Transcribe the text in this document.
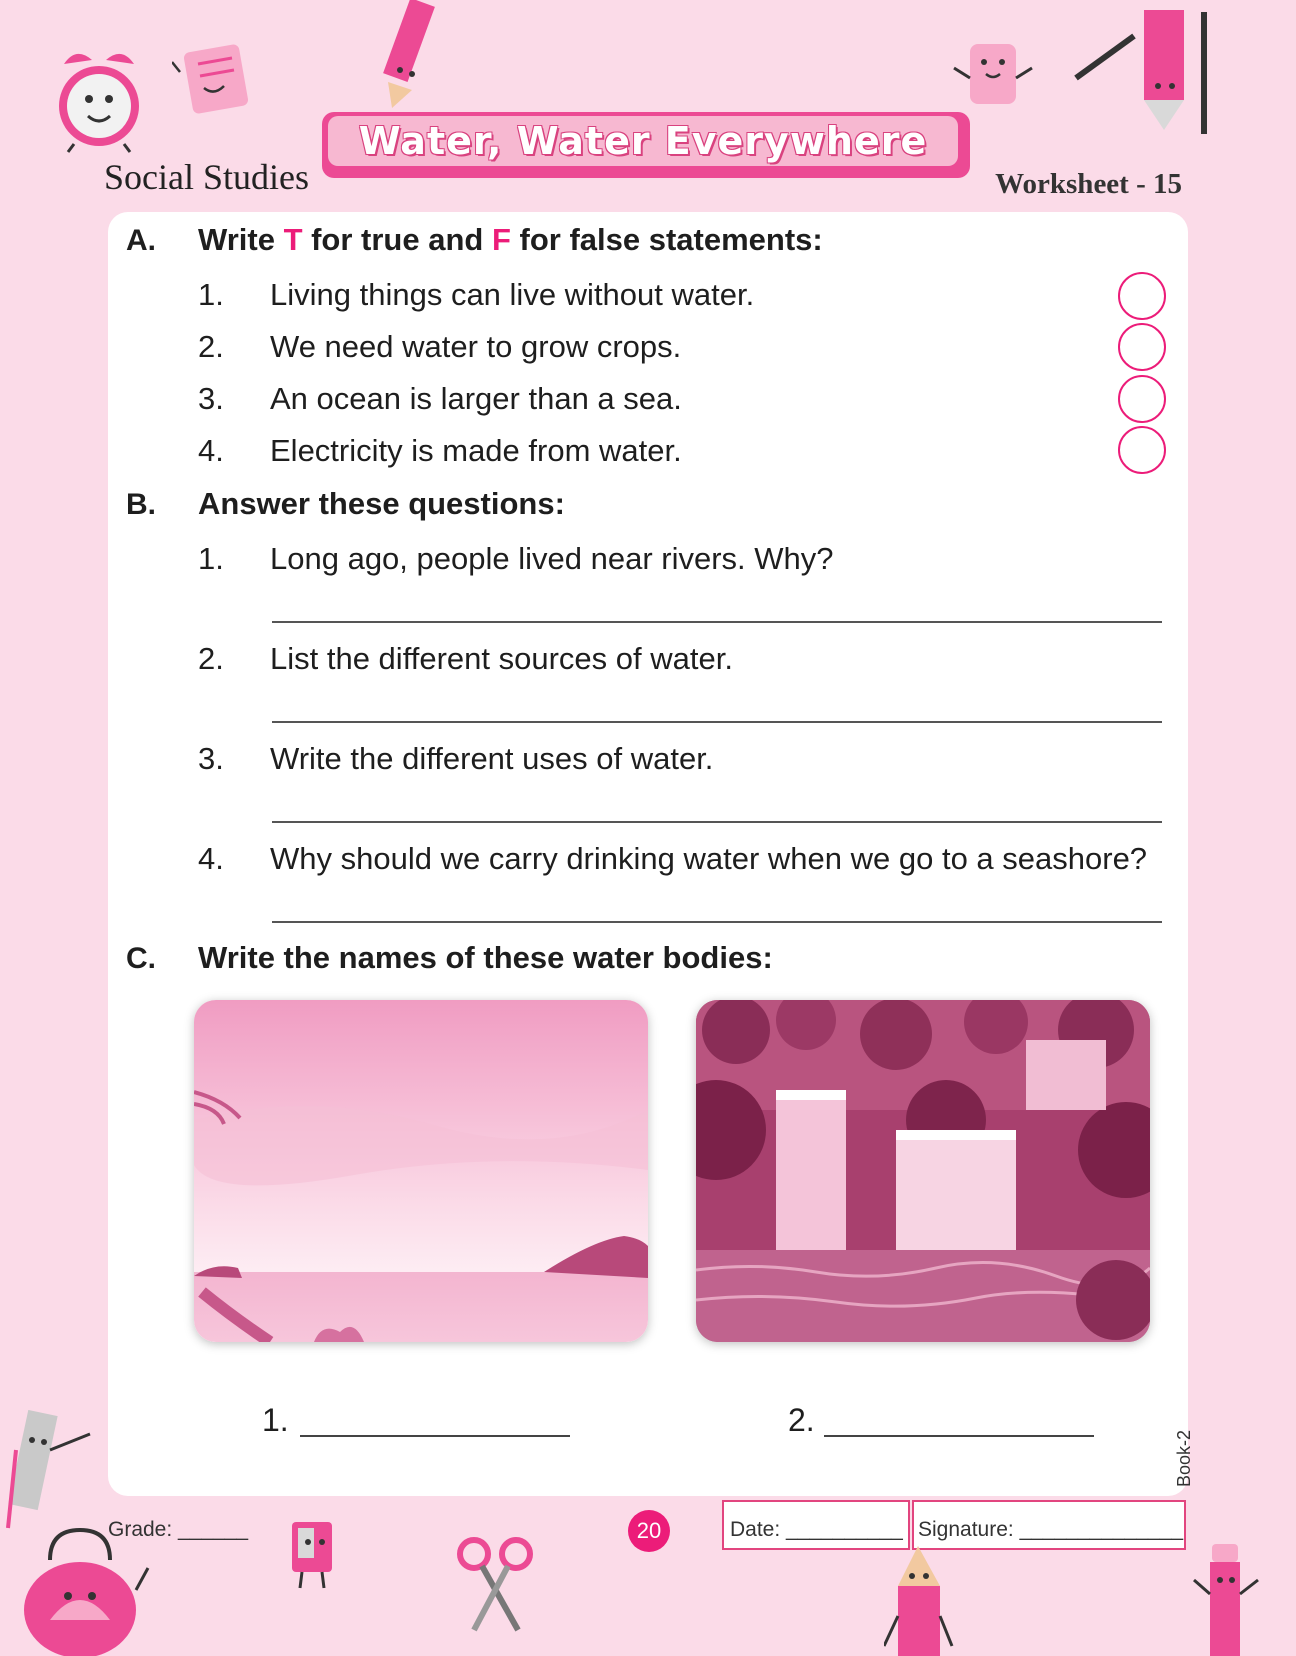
Social Studies
Water, Water Everywhere
Worksheet - 15
A. Write T for true and F for false statements:
1. Living things can live without water.
2. We need water to grow crops.
3. An ocean is larger than a sea.
4. Electricity is made from water.
B. Answer these questions:
1. Long ago, people lived near rivers. Why?
2. List the different sources of water.
3. Write the different uses of water.
4. Why should we carry drinking water when we go to a seashore?
C. Write the names of these water bodies:
1.	2.
Book-2
Grade: ______	20	Date: __________ Signature: ______________
